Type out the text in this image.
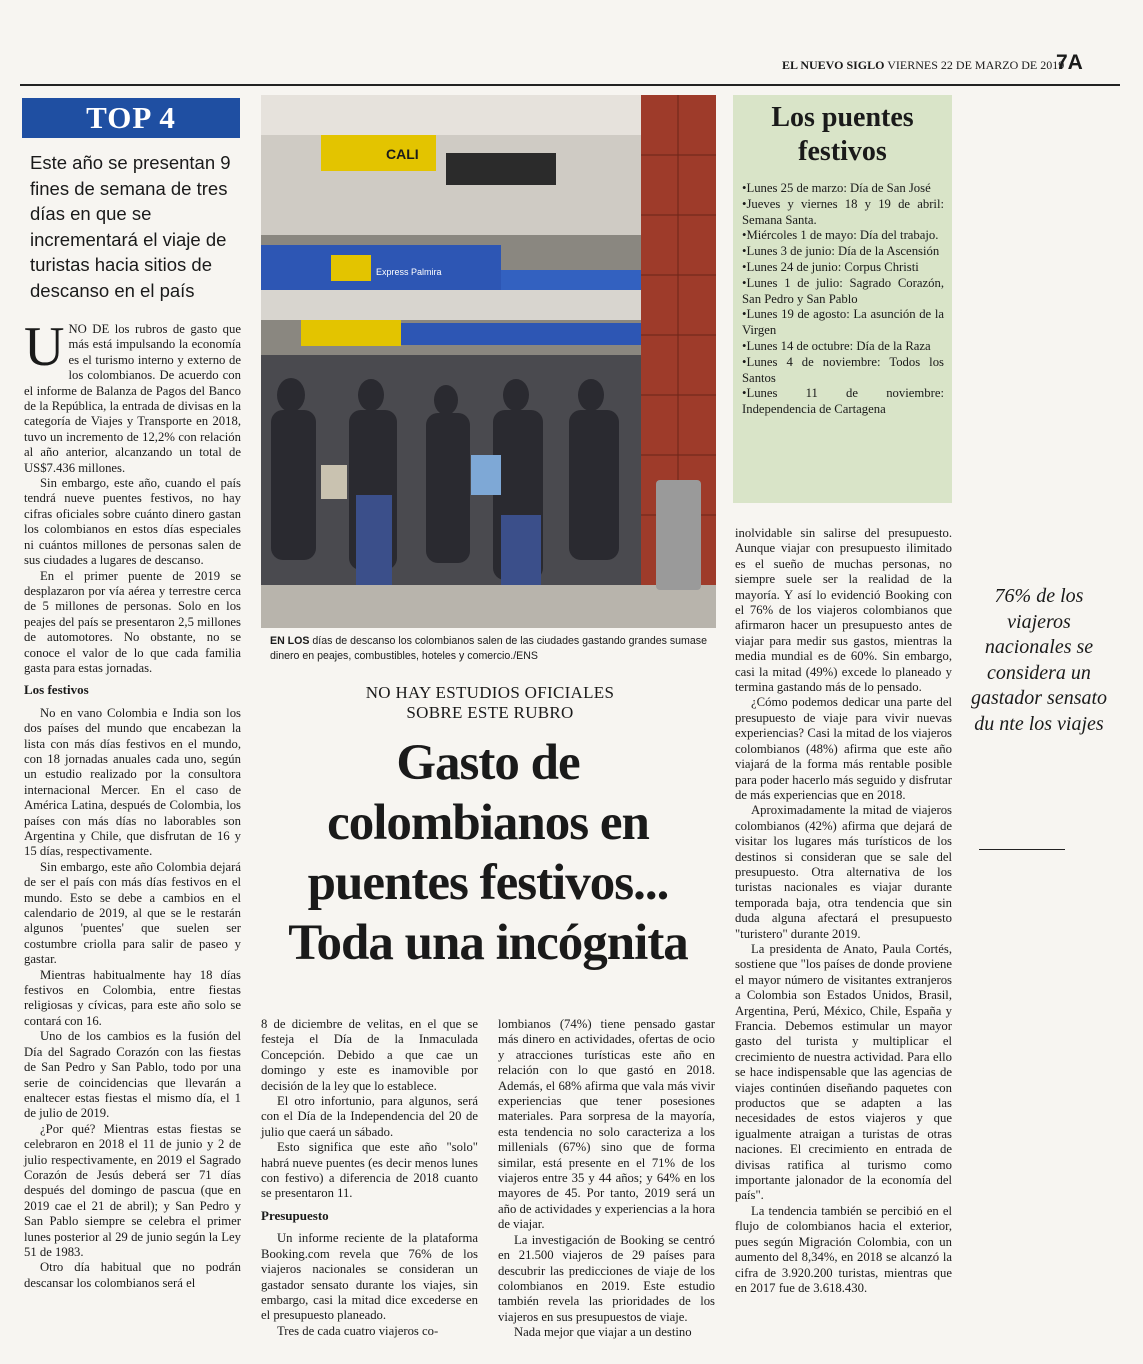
EL NUEVO SIGLO VIERNES 22 DE MARZO DE 2019
7A
TOP 4
Este año se presentan 9 fines de semana de tres días en que se incrementará el viaje de turistas hacia sitios de descanso en el país

UNO DE los rubros de gasto que más está impulsando la economía es el turismo interno y externo de los colombianos. De acuerdo con el informe de Balanza de Pagos del Banco de la República, la entrada de divisas en la categoría de Viajes y Transporte en 2018, tuvo un incremento de 12,2% con relación al año anterior, alcanzando un total de US$7.436 millones.

Sin embargo, este año, cuando el país tendrá nueve puentes festivos, no hay cifras oficiales sobre cuánto dinero gastan los colombianos en estos días especiales ni cuántos millones de personas salen de sus ciudades a lugares de descanso.

En el primer puente de 2019 se desplazaron por vía aérea y terrestre cerca de 5 millones de personas. Solo en los peajes del país se presentaron 2,5 millones de automotores. No obstante, no se conoce el valor de lo que cada familia gasta para estas jornadas.

Los festivos

No en vano Colombia e India son los dos países del mundo que encabezan la lista con más días festivos en el mundo, con 18 jornadas anuales cada uno, según un estudio realizado por la consultora internacional Mercer. En el caso de América Latina, después de Colombia, los países con más días no laborables son Argentina y Chile, que disfrutan de 16 y 15 días, respectivamente.

Sin embargo, este año Colombia dejará de ser el país con más días festivos en el mundo. Esto se debe a cambios en el calendario de 2019, al que se le restarán algunos 'puentes' que suelen ser costumbre criolla para salir de paseo y gastar.

Mientras habitualmente hay 18 días festivos en Colombia, entre fiestas religiosas y cívicas, para este año solo se contará con 16.

Uno de los cambios es la fusión del Día del Sagrado Corazón con las fiestas de San Pedro y San Pablo, todo por una serie de coincidencias que llevarán a enaltecer estas fiestas el mismo día, el 1 de julio de 2019.

¿Por qué? Mientras estas fiestas se celebraron en 2018 el 11 de junio y 2 de julio respectivamente, en 2019 el Sagrado Corazón de Jesús deberá ser 71 días después del domingo de pascua (que en 2019 cae el 21 de abril); y San Pedro y San Pablo siempre se celebra el primer lunes posterior al 29 de junio según la Ley 51 de 1983.

Otro día habitual que no podrán descansar los colombianos será el

CALI
Express Palmira
EN LOS días de descanso los colombianos salen de las ciudades gastando grandes sumase dinero en peajes, combustibles, hoteles y comercio./ENS
NO HAY ESTUDIOS OFICIALES
SOBRE ESTE RUBRO
Gasto de
colombianos en
puentes festivos...
Toda una incógnita

8 de diciembre de velitas, en el que se festeja el Día de la Inmaculada Concepción. Debido a que cae un domingo y este es inamovible por decisión de la ley que lo establece.

El otro infortunio, para algunos, será con el Día de la Independencia del 20 de julio que caerá un sábado.

Esto significa que este año "solo" habrá nueve puentes (es decir menos lunes con festivo) a diferencia de 2018 cuanto se presentaron 11.

Presupuesto

Un informe reciente de la plataforma Booking.com revela que 76% de los viajeros nacionales se consideran un gastador sensato durante los viajes, sin embargo, casi la mitad dice excederse en el presupuesto planeado.

Tres de cada cuatro viajeros co-

lombianos (74%) tiene pensado gastar más dinero en actividades, ofertas de ocio y atracciones turísticas este año en relación con lo que gastó en 2018. Además, el 68% afirma que vala más vivir experiencias que tener posesiones materiales. Para sorpresa de la mayoría, esta tendencia no solo caracteriza a los millenials (67%) sino que de forma similar, está presente en el 71% de los viajeros entre 35 y 44 años; y 64% en los mayores de 45. Por tanto, 2019 será un año de actividades y experiencias a la hora de viajar.

La investigación de Booking se centró en 21.500 viajeros de 29 países para descubrir las predicciones de viaje de los colombianos en 2019. Este estudio también revela las prioridades de los viajeros en sus presupuestos de viaje.

Nada mejor que viajar a un destino

Los puentes
festivos
•Lunes 25 de marzo: Día de San José
•Jueves y viernes 18 y 19 de abril: Semana Santa.
•Miércoles 1 de mayo: Día del trabajo.
•Lunes 3 de junio: Día de la Ascensión
•Lunes 24 de junio: Corpus Christi
•Lunes 1 de julio: Sagrado Corazón, San Pedro y San Pablo
•Lunes 19 de agosto: La asunción de la Virgen
•Lunes 14 de octubre: Día de la Raza
•Lunes 4 de noviembre: Todos los Santos
•Lunes 11 de noviembre: Independencia de Cartagena

inolvidable sin salirse del presupuesto. Aunque viajar con presupuesto ilimitado es el sueño de muchas personas, no siempre suele ser la realidad de la mayoría. Y así lo evidenció Booking con el 76% de los viajeros colombianos que afirmaron hacer un presupuesto antes de viajar para medir sus gastos, mientras la media mundial es de 60%. Sin embargo, casi la mitad (49%) excede lo planeado y termina gastando más de lo pensado.

¿Cómo podemos dedicar una parte del presupuesto de viaje para vivir nuevas experiencias? Casi la mitad de los viajeros colombianos (48%) afirma que este año viajará de la forma más rentable posible para poder hacerlo más seguido y disfrutar de más experiencias que en 2018.

Aproximadamente la mitad de viajeros colombianos (42%) afirma que dejará de visitar los lugares más turísticos de los destinos si consideran que se sale del presupuesto. Otra alternativa de los turistas nacionales es viajar durante temporada baja, otra tendencia que sin duda alguna afectará el presupuesto "turistero" durante 2019.

La presidenta de Anato, Paula Cortés, sostiene que "los países de donde proviene el mayor número de visitantes extranjeros a Colombia son Estados Unidos, Brasil, Argentina, Perú, México, Chile, España y Francia. Debemos estimular un mayor gasto del turista y multiplicar el crecimiento de nuestra actividad. Para ello se hace indispensable que las agencias de viajes continúen diseñando paquetes con productos que se adapten a las necesidades de estos viajeros y que igualmente atraigan a turistas de otras naciones. El crecimiento en entrada de divisas ratifica al turismo como importante jalonador de la economía del país".

La tendencia también se percibió en el flujo de colombianos hacia el exterior, pues según Migración Colombia, con un aumento del 8,34%, en 2018 se alcanzó la cifra de 3.920.200 turistas, mientras que en 2017 fue de 3.618.430.

76% de los viajeros nacionales se considera un gastador sensato du nte los viajes
